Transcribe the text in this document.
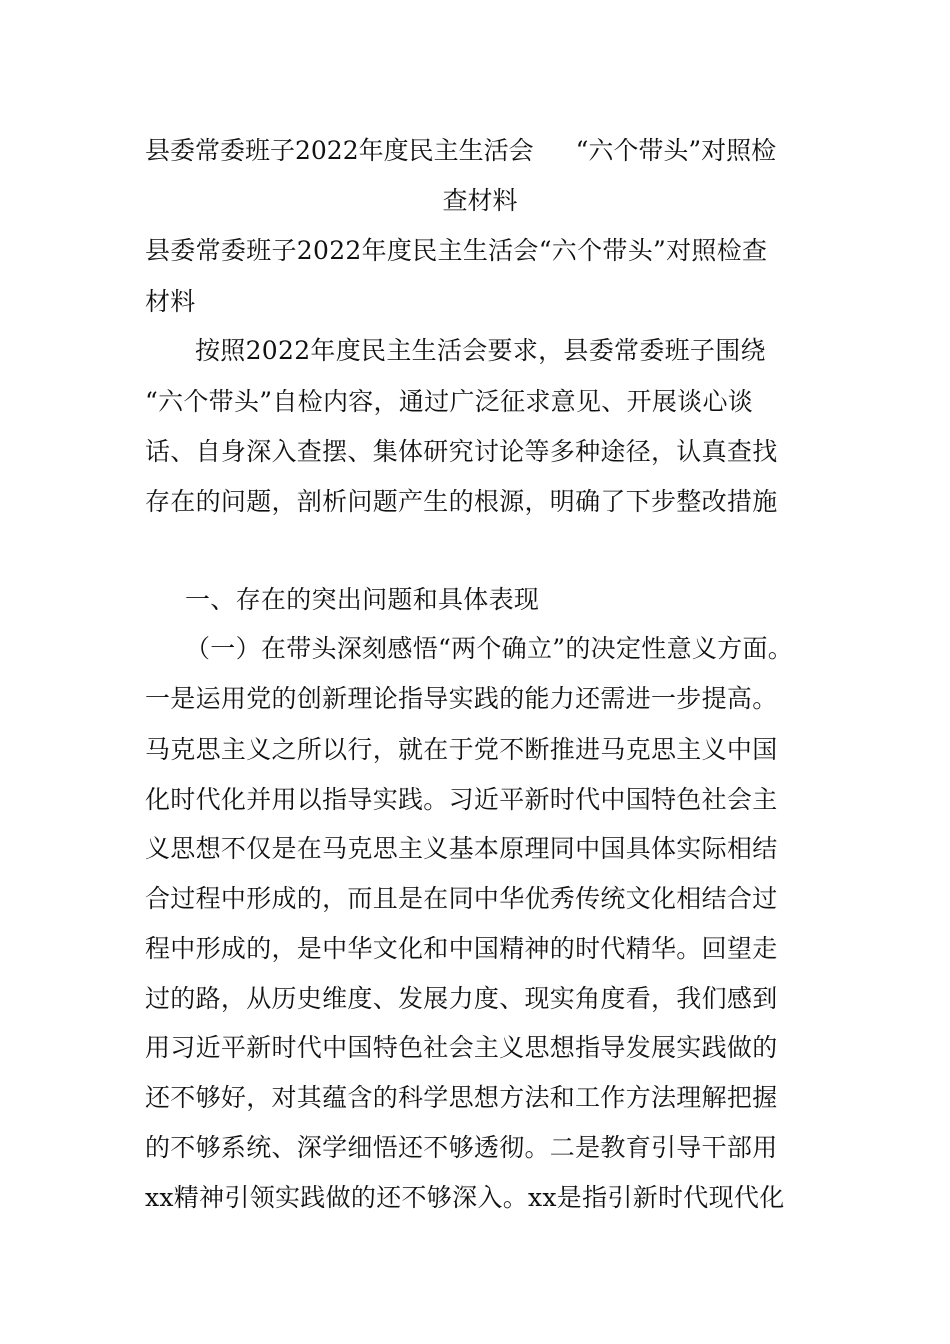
县委常委班子2022年度民主生活会 “六个带头”对照检
查材料
县委常委班子2022年度民主生活会“六个带头”对照检查
材料
按照2022年度民主生活会要求，县委常委班子围绕
“六个带头”自检内容，通过广泛征求意见、开展谈心谈
话、自身深入查摆、集体研究讨论等多种途径，认真查找
存在的问题，剖析问题产生的根源，明确了下步整改措施
一、存在的突出问题和具体表现
（一）在带头深刻感悟“两个确立”的决定性意义方面。
一是运用党的创新理论指导实践的能力还需进一步提高。
马克思主义之所以行，就在于党不断推进马克思主义中国
化时代化并用以指导实践。习近平新时代中国特色社会主
义思想不仅是在马克思主义基本原理同中国具体实际相结
合过程中形成的，而且是在同中华优秀传统文化相结合过
程中形成的，是中华文化和中国精神的时代精华。回望走
过的路，从历史维度、发展力度、现实角度看，我们感到
用习近平新时代中国特色社会主义思想指导发展实践做的
还不够好，对其蕴含的科学思想方法和工作方法理解把握
的不够系统、深学细悟还不够透彻。二是教育引导干部用
xx精神引领实践做的还不够深入。xx是指引新时代现代化
